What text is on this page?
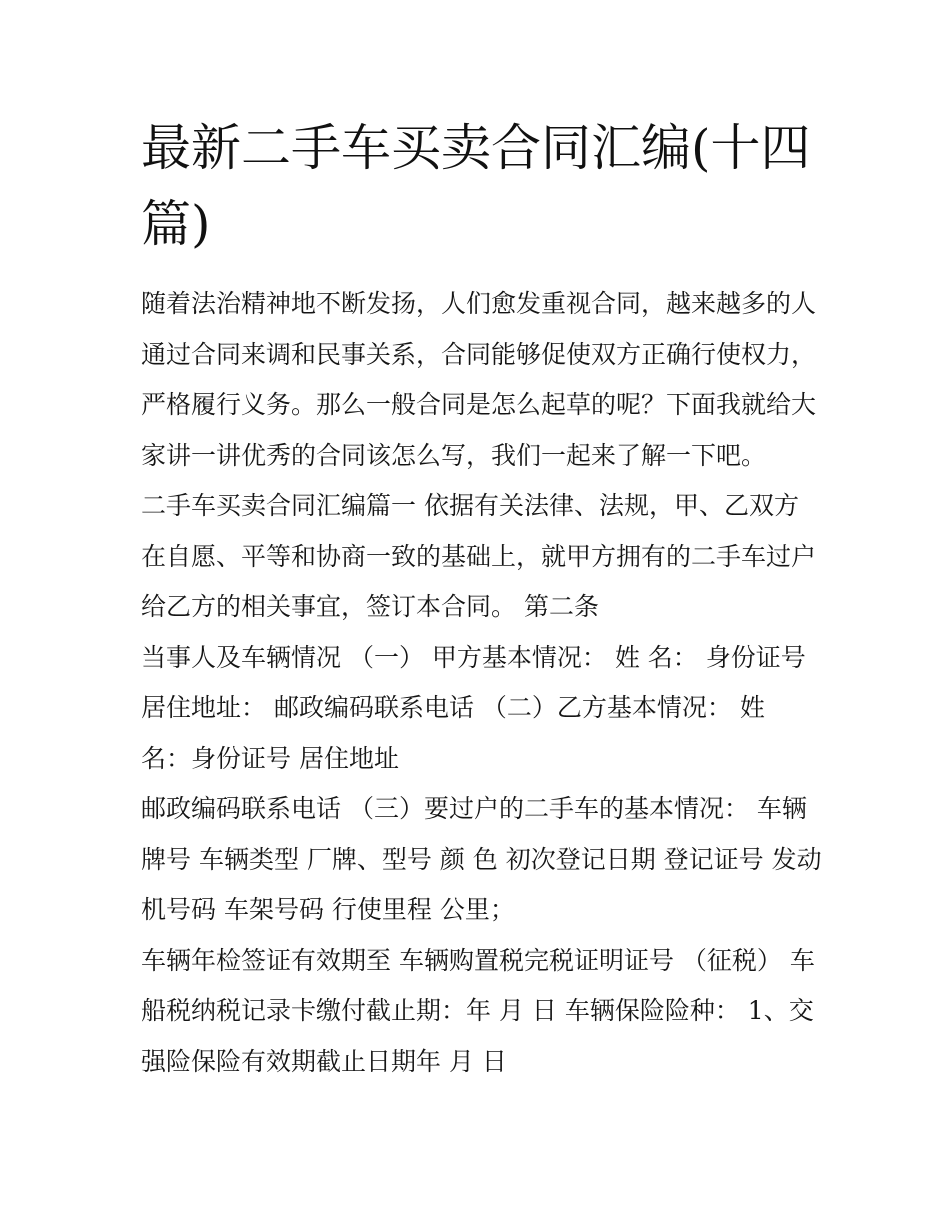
最新二手车买卖合同汇编(十四
篇)
随着法治精神地不断发扬，人们愈发重视合同，越来越多的人
通过合同来调和民事关系，合同能够促使双方正确行使权力，
严格履行义务。那么一般合同是怎么起草的呢？下面我就给大
家讲一讲优秀的合同该怎么写，我们一起来了解一下吧。
二手车买卖合同汇编篇一 依据有关法律、法规，甲、乙双方
在自愿、平等和协商一致的基础上，就甲方拥有的二手车过户
给乙方的相关事宜，签订本合同。 第二条
当事人及车辆情况 （一） 甲方基本情况： 姓 名： 身份证号
居住地址： 邮政编码联系电话 （二）乙方基本情况： 姓
名：身份证号 居住地址
邮政编码联系电话 （三）要过户的二手车的基本情况： 车辆
牌号 车辆类型 厂牌、型号 颜 色 初次登记日期 登记证号 发动
机号码 车架号码 行使里程 公里；
车辆年检签证有效期至 车辆购置税完税证明证号 （征税） 车
船税纳税记录卡缴付截止期：年 月 日 车辆保险险种： 1、交
强险保险有效期截止日期年 月 日
